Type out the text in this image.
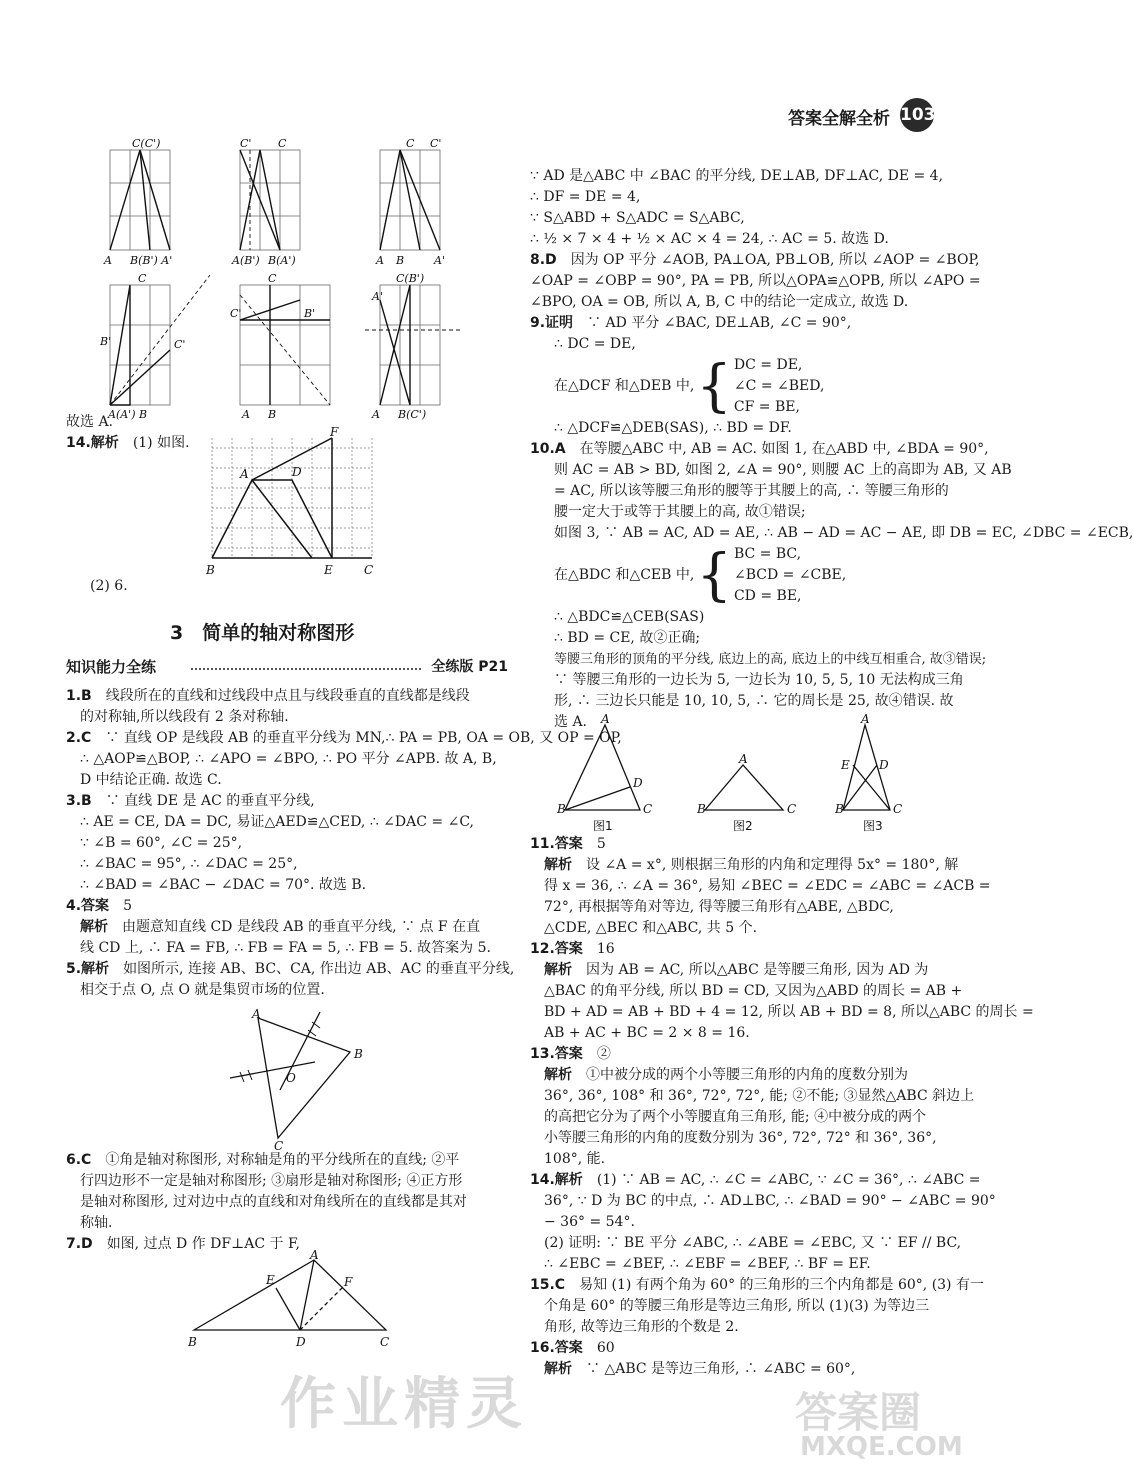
答案全解全析 103
C(C')
A B(B') A'
C' C
A(B') B(A')
C C'
A B	A'
C
B'	C'
A(A') B
C
C'	B'
A B
C(B')
A'
A B(C')
故选 A.
14.解析　 (1) 如图.
F
A	D
B	E	C
(2) 6.
3　简单的轴对称图形
知识能力全练	全练版 P21
1.B　 线段所在的直线和过线段中点且与线段垂直的直线都是线段
的对称轴,所以线段有 2 条对称轴.
2.C　 ∵ 直线 OP 是线段 AB 的垂直平分线为 MN,∴ PA = PB, OA = OB, 又 OP = OP,
∴ △AOP≌△BOP, ∴ ∠APO = ∠BPO, ∴ PO 平分 ∠APB. 故 A, B,
D 中结论正确. 故选 C.
3.B　 ∵ 直线 DE 是 AC 的垂直平分线,
∴ AE = CE, DA = DC, 易证△AED≌△CED, ∴ ∠DAC = ∠C,
∵ ∠B = 60°, ∠C = 25°,
∴ ∠BAC = 95°, ∴ ∠DAC = 25°,
∴ ∠BAD = ∠BAC − ∠DAC = 70°. 故选 B.
4.答案　 5
解析　 由题意知直线 CD 是线段 AB 的垂直平分线, ∵ 点 F 在直
线 CD 上, ∴ FA = FB, ∴ FB = FA = 5, ∴ FB = 5. 故答案为 5.
5.解析　 如图所示, 连接 AB、BC、CA, 作出边 AB、AC 的垂直平分线,
相交于点 O, 点 O 就是集贸市场的位置.
A
B
C
O
6.C　 ①角是轴对称图形, 对称轴是角的平分线所在的直线; ②平
行四边形不一定是轴对称图形; ③扇形是轴对称图形; ④正方形
是轴对称图形, 过对边中点的直线和对角线所在的直线都是其对
称轴.
7.D　 如图, 过点 D 作 DF⊥AC 于 F,
A
E	F
B	D	C
∵ AD 是△ABC 中 ∠BAC 的平分线, DE⊥AB, DF⊥AC, DE = 4,
∴ DF = DE = 4,
∵ S△ABD + S△ADC = S△ABC,
∴ ½ × 7 × 4 + ½ × AC × 4 = 24, ∴ AC = 5. 故选 D.
8.D　 因为 OP 平分 ∠AOB, PA⊥OA, PB⊥OB, 所以 ∠AOP = ∠BOP,
∠OAP = ∠OBP = 90°, PA = PB, 所以△OPA≌△OPB, 所以 ∠APO =
∠BPO, OA = OB, 所以 A, B, C 中的结论一定成立, 故选 D.
9.证明　 ∵ AD 平分 ∠BAC, DE⊥AB, ∠C = 90°,
∴ DC = DE,
在△DCF 和△DEB 中, { DC = DE,
∠C = ∠BED,
CF = BE,
∴ △DCF≌△DEB(SAS), ∴ BD = DF.
10.A　 在等腰△ABC 中, AB = AC. 如图 1, 在△ABD 中, ∠BDA = 90°,
则 AC = AB > BD, 如图 2, ∠A = 90°, 则腰 AC 上的高即为 AB, 又 AB
= AC, 所以该等腰三角形的腰等于其腰上的高, ∴ 等腰三角形的
腰一定大于或等于其腰上的高, 故①错误;
如图 3, ∵ AB = AC, AD = AE, ∴ AB − AD = AC − AE, 即 DB = EC, ∠DBC = ∠ECB,
在△BDC 和△CEB 中, { BC = BC,
∠BCD = ∠CBE,
CD = BE,
∴ △BDC≌△CEB(SAS)
∴ BD = CE, 故②正确;
等腰三角形的顶角的平分线, 底边上的高, 底边上的中线互相重合, 故③错误;
∵ 等腰三角形的一边长为 5, 一边长为 10, 5, 5, 10 无法构成三角
形, ∴ 三边长只能是 10, 10, 5, ∴ 它的周长是 25, 故④错误. 故
选 A.	A
D
B	C
A
B	C
A
E D
B	C
图1	图2	图3
11.答案　 5
解析　 设 ∠A = x°, 则根据三角形的内角和定理得 5x° = 180°, 解
得 x = 36, ∴ ∠A = 36°, 易知 ∠BEC = ∠EDC = ∠ABC = ∠ACB =
72°, 再根据等角对等边, 得等腰三角形有△ABE, △BDC,
△CDE, △BEC 和△ABC, 共 5 个.
12.答案　 16
解析　 因为 AB = AC, 所以△ABC 是等腰三角形, 因为 AD 为
△BAC 的角平分线, 所以 BD = CD, 又因为△ABD 的周长 = AB +
BD + AD = AB + BD + 4 = 12, 所以 AB + BD = 8, 所以△ABC 的周长 =
AB + AC + BC = 2 × 8 = 16.
13.答案　 ②
解析　 ①中被分成的两个小等腰三角形的内角的度数分别为
36°, 36°, 108° 和 36°, 72°, 72°, 能; ②不能; ③显然△ABC 斜边上
的高把它分为了两个小等腰直角三角形, 能; ④中被分成的两个
小等腰三角形的内角的度数分别为 36°, 72°, 72° 和 36°, 36°,
108°, 能.
14.解析　 (1) ∵ AB = AC, ∴ ∠C = ∠ABC, ∵ ∠C = 36°, ∴ ∠ABC =
36°, ∵ D 为 BC 的中点, ∴ AD⊥BC, ∴ ∠BAD = 90° − ∠ABC = 90°
− 36° = 54°.
(2) 证明: ∵ BE 平分 ∠ABC, ∴ ∠ABE = ∠EBC, 又 ∵ EF // BC,
∴ ∠EBC = ∠BEF, ∴ ∠EBF = ∠BEF, ∴ BF = EF.
15.C　 易知 (1) 有两个角为 60° 的三角形的三个内角都是 60°, (3) 有一
个角是 60° 的等腰三角形是等边三角形, 所以 (1)(3) 为等边三
角形, 故等边三角形的个数是 2.
16.答案　 60
解析　 ∵ △ABC 是等边三角形, ∴ ∠ABC = 60°,
作业精灵	答案圈
MXQE.COM
